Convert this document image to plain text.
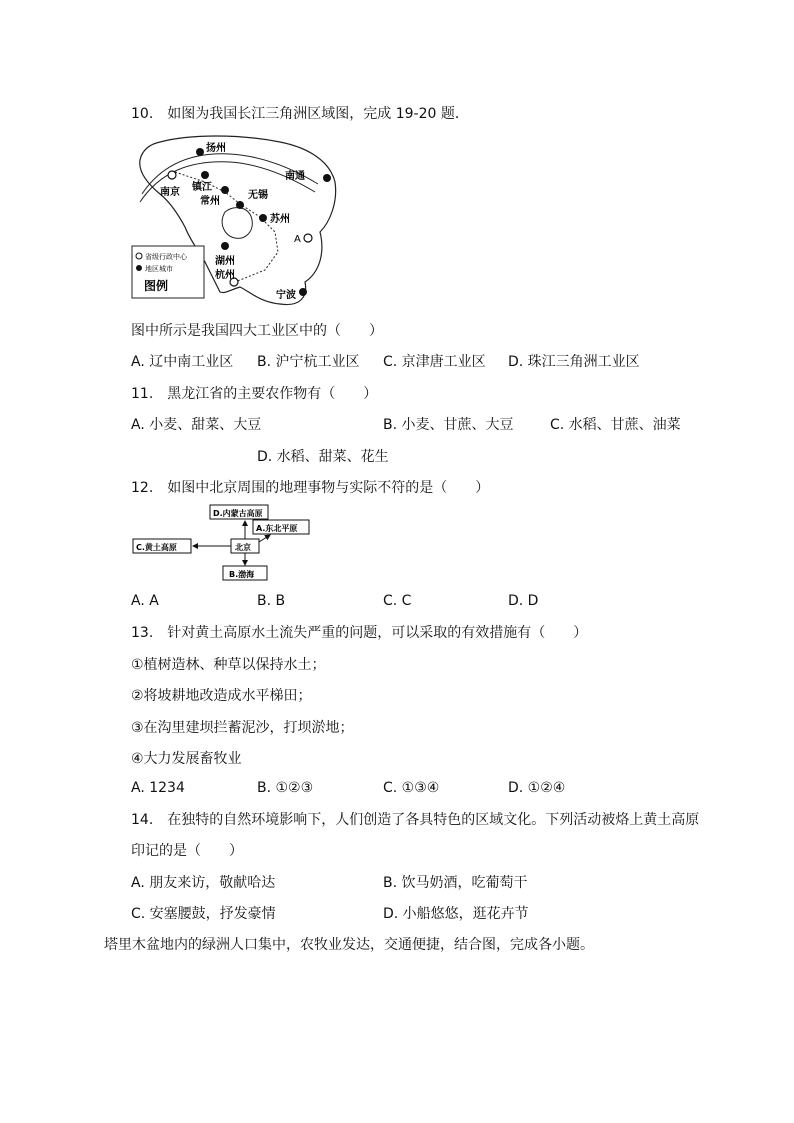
10.　如图为我国长江三角洲区域图，完成 19-20 题．
扬州
南京 镇江
常州
无锡
苏州
南通
湖州
杭州
宁波
A
省级行政中心
地区城市
图例
图中所示是我国四大工业区中的（　　）
A. 辽中南工业区 B. 沪宁杭工业区 C. 京津唐工业区 D. 珠江三角洲工业区
11.　黑龙江省的主要农作物有（　　）
A. 小麦、甜菜、大豆	B. 小麦、甘蔗、大豆	C. 水稻、甘蔗、油菜
D. 水稻、甜菜、花生
12.　如图中北京周围的地理事物与实际不符的是（　　）
D.内蒙古高原
A.东北平原
北京
C.黄土高原
B.渤海
A. A	B. B	C. C	D. D
13.　针对黄土高原水土流失严重的问题，可以采取的有效措施有（　　）
①植树造林、种草以保持水土；
②将坡耕地改造成水平梯田；
③在沟里建坝拦蓄泥沙，打坝淤地；
④大力发展畜牧业
A. 1234	B. ①②③	C. ①③④	D. ①②④
14.　在独特的自然环境影响下，人们创造了各具特色的区域文化。下列活动被烙上黄土高原
印记的是（　　）
A. 朋友来访，敬献哈达	B. 饮马奶酒，吃葡萄干
C. 安塞腰鼓，抒发豪情	D. 小船悠悠，逛花卉节
塔里木盆地内的绿洲人口集中，农牧业发达，交通便捷，结合图，完成各小题。
